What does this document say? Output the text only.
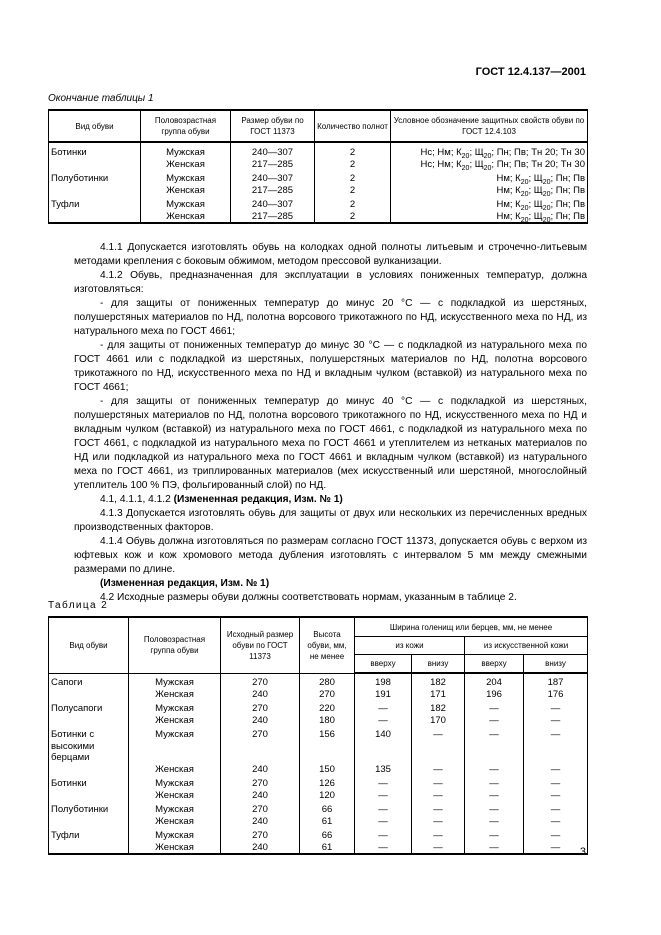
ГОСТ 12.4.137—2001
Окончание таблицы 1
Вид обуви	Половозрастная группа обуви	Размер обуви по ГОСТ 11373	Количество полнот	Условное обозначение защитных свойств обуви по ГОСТ 12.4.103
Ботинки	Мужская	240—307	2	Нс; Нм; $К_{20}$; $Щ_{20}$; Пн; Пв; Тн 20; Тн 30
	Женская	217—285	2	Нс; Нм; $К_{20}$; $Щ_{20}$; Пн; Пв; Тн 20; Тн 30
Полуботинки	Мужская	240—307	2	Нм; $К_{20}$; $Щ_{20}$; Пн; Пв
	Женская	217—285	2	Нм; $К_{20}$; $Щ_{20}$; Пн; Пв
Туфли	Мужская	240—307	2	Нм; $К_{20}$; $Щ_{20}$; Пн; Пв
	Женская	217—285	2	Нм; $К_{20}$; $Щ_{20}$; Пн; Пв

4.1.1 Допускается изготовлять обувь на колодках одной полноты литьевым и строчечно-литьевым методами крепления с боковым обжимом, методом прессовой вулканизации.

4.1.2 Обувь, предназначенная для эксплуатации в условиях пониженных температур, должна изготовляться:

- для защиты от пониженных температур до минус 20 °С — с подкладкой из шерстяных, полушерстяных материалов по НД, полотна ворсового трикотажного по НД, искусственного меха по НД, из натурального меха по ГОСТ 4661;

- для защиты от пониженных температур до минус 30 °С — с подкладкой из натурального меха по ГОСТ 4661 или с подкладкой из шерстяных, полушерстяных материалов по НД, полотна ворсового трикотажного по НД, искусственного меха по НД и вкладным чулком (вставкой) из натурального меха по ГОСТ 4661;

- для защиты от пониженных температур до минус 40 °С — с подкладкой из шерстяных, полушерстяных материалов по НД, полотна ворсового трикотажного по НД, искусственного меха по НД и вкладным чулком (вставкой) из натурального меха по ГОСТ 4661, с подкладкой из натурального меха по ГОСТ 4661, с подкладкой из натурального меха по ГОСТ 4661 и утеплителем из нетканых материалов по НД или подкладкой из натурального меха по ГОСТ 4661 и вкладным чулком (вставкой) из натурального меха по ГОСТ 4661, из триплированных материалов (мех искусственный или шерстяной, многослойный утеплитель 100 % ПЭ, фольгированный слой) по НД.

4.1, 4.1.1, 4.1.2 (Измененная редакция, Изм. № 1)

4.1.3 Допускается изготовлять обувь для защиты от двух или нескольких из перечисленных вредных производственных факторов.

4.1.4 Обувь должна изготовляться по размерам согласно ГОСТ 11373, допускается обувь с верхом из юфтевых кож и кож хромового метода дубления изготовлять с интервалом 5 мм между смежными размерами по длине.

(Измененная редакция, Изм. № 1)

4.2 Исходные размеры обуви должны соответствовать нормам, указанным в таблице 2.

Таблица 2
Вид обуви	Половозрастная группа обуви	Исходный размер обуви по ГОСТ 11373	Высота обуви, мм, не менее	Ширина голенищ или берцев, мм, не менее			
				из кожи		из искусственной кожи	
				вверху	внизу	вверху	внизу
Сапоги	Мужская	270	280	198	182	204	187
	Женская	240	270	191	171	196	176
Полусапоги	Мужская	270	220	—	182	—	—
	Женская	240	180	—	170	—	—
Ботинки с высокими берцами	Мужская	270	156	140	—	—	—
	Женская	240	150	135	—	—	—
Ботинки	Мужская	270	126	—	—	—	—
	Женская	240	120	—	—	—	—
Полуботинки	Мужская	270	66	—	—	—	—
	Женская	240	61	—	—	—	—
Туфли	Мужская	270	66	—	—	—	—
	Женская	240	61	—	—	—	— 3
